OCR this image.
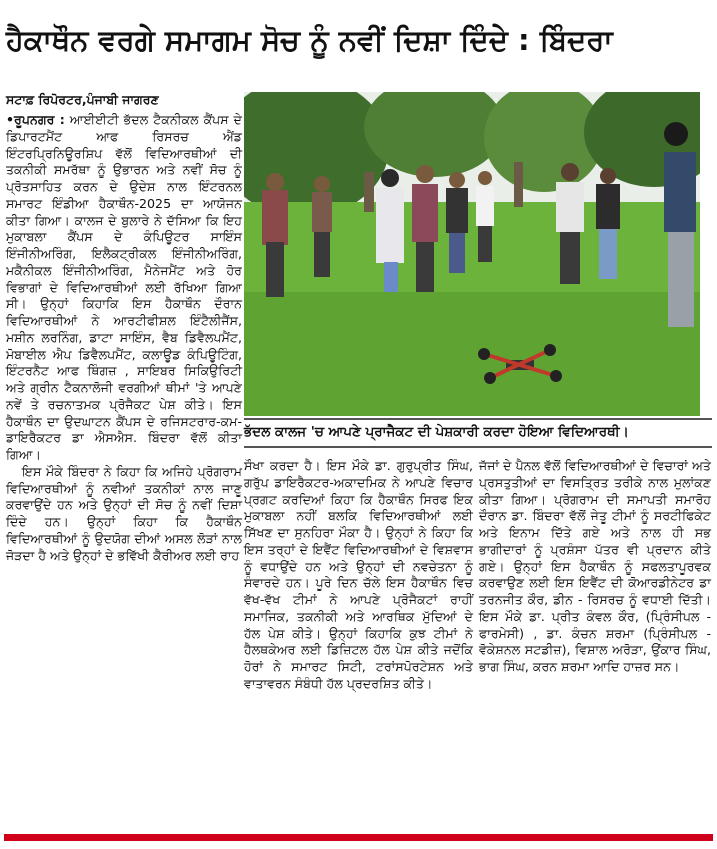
ਹੈਕਾਥੌਨ ਵਰਗੇ ਸਮਾਗਮ ਸੋਚ ਨੂੰ ਨਵੀਂ ਦਿਸ਼ਾ ਦਿੰਦੇ : ਬਿੰਦਰਾ
ਸਟਾਫ਼ ਰਿਪੋਰਟਰ,ਪੰਜਾਬੀ ਜਾਗਰਣ

•ਰੂਪਨਗਰ : ਆਈਈਟੀ ਭੱਦਲ ਟੈਕਨੀਕਲ ਕੈਂਪਸ ਦੇ ਡਿਪਾਰਟਮੈਂਟ ਆਫ ਰਿਸਰਚ ਐਂਡ ਇੰਟਰਪ੍ਰਿਨਿਊਰਸ਼ਿਪ ਵੱਲੋਂ ਵਿਦਿਆਰਥੀਆਂ ਦੀ ਤਕਨੀਕੀ ਸਮਰੱਥਾ ਨੂੰ ਉਭਾਰਨ ਅਤੇ ਨਵੀਂ ਸੋਚ ਨੂੰ ਪ੍ਰੋਤਸਾਹਿਤ ਕਰਨ ਦੇ ਉਦੇਸ਼ ਨਾਲ ਇੰਟਰਨਲ ਸਮਾਰਟ ਇੰਡੀਆ ਹੈਕਾਥੌਨ-2025 ਦਾ ਆਯੋਜਨ ਕੀਤਾ ਗਿਆ। ਕਾਲਜ ਦੇ ਬੁਲਾਰੇ ਨੇ ਦੱਸਿਆ ਕਿ ਇਹ ਮੁਕਾਬਲਾ ਕੈਂਪਸ ਦੇ ਕੰਪਿਊਟਰ ਸਾਇੰਸ ਇੰਜੀਨੀਅਰਿੰਗ, ਇਲੈਕਟ੍ਰੀਕਲ ਇੰਜੀਨੀਅਰਿੰਗ, ਮਕੈਨੀਕਲ ਇੰਜੀਨੀਅਰਿੰਗ, ਮੈਨੇਜਮੈਂਟ ਅਤੇ ਹੋਰ ਵਿਭਾਗਾਂ ਦੇ ਵਿਦਿਆਰਥੀਆਂ ਲਈ ਰੱਖਿਆ ਗਿਆ ਸੀ। ਉਨ੍ਹਾਂ ਕਿਹਾਕਿ ਇਸ ਹੈਕਾਥੌਨ ਦੌਰਾਨ ਵਿਦਿਆਰਥੀਆਂ ਨੇ ਆਰਟੀਫੀਸ਼ਲ ਇੰਟੈਲੀਜੈਂਸ, ਮਸ਼ੀਨ ਲਰਨਿੰਗ, ਡਾਟਾ ਸਾਇੰਸ, ਵੈਬ ਡਿਵੈਲਪਮੈਂਟ, ਮੋਬਾਈਲ ਐਪ ਡਿਵੈਲਪਮੈਂਟ, ਕਲਾਊਡ ਕੰਪਿਊਟਿੰਗ, ਇੰਟਰਨੈਟ ਆਫ ਥਿੰਗਜ਼ , ਸਾਇਬਰ ਸਿਕਿਉਰਿਟੀ ਅਤੇ ਗ੍ਰੀਨ ਟੈਕਨਾਲੋਜੀ ਵਰਗੀਆਂ ਥੀਮਾਂ 'ਤੇ ਆਪਣੇ ਨਵੇਂ ਤੇ ਰਚਨਾਤਮਕ ਪ੍ਰੋਜੈਕਟ ਪੇਸ਼ ਕੀਤੇ। ਇਸ ਹੈਕਾਥੌਨ ਦਾ ਉਦਘਾਟਨ ਕੈਂਪਸ ਦੇ ਰਜਿਸਟਰਾਰ-ਕਮ-ਡਾਇਰੈਕਟਰ ਡਾ ਐਸਐਸ. ਬਿੰਦਰਾ ਵੱਲੋਂ ਕੀਤਾ ਗਿਆ।

ਇਸ ਮੌਕੇ ਬਿੰਦਰਾ ਨੇ ਕਿਹਾ ਕਿ ਅਜਿਹੇ ਪ੍ਰੋਗਰਾਮ ਵਿਦਿਆਰਥੀਆਂ ਨੂੰ ਨਵੀਆਂ ਤਕਨੀਕਾਂ ਨਾਲ ਜਾਣੂ ਕਰਵਾਉਂਦੇ ਹਨ ਅਤੇ ਉਨ੍ਹਾਂ ਦੀ ਸੋਚ ਨੂੰ ਨਵੀਂ ਦਿਸ਼ਾ ਦਿੰਦੇ ਹਨ। ਉਨ੍ਹਾਂ ਕਿਹਾ ਕਿ ਹੈਕਾਥੌਨ ਵਿਦਿਆਰਥੀਆਂ ਨੂੰ ਉਦਯੋਗ ਦੀਆਂ ਅਸਲ ਲੋੜਾਂ ਨਾਲ ਜੋੜਦਾ ਹੈ ਅਤੇ ਉਨ੍ਹਾਂ ਦੇ ਭਵਿੱਖੀ ਕੈਰੀਅਰ ਲਈ ਰਾਹ

ਭੱਦਲ ਕਾਲਜ 'ਚ ਆਪਣੇ ਪ੍ਰਾਜੈਕਟ ਦੀ ਪੇਸ਼ਕਾਰੀ ਕਰਦਾ ਹੋਇਆ ਵਿਦਿਆਰਥੀ।

ਸੌਖਾ ਕਰਦਾ ਹੈ। ਇਸ ਮੌਕੇ ਡਾ. ਗੁਰੁਪ੍ਰੀਤ ਸਿੰਘ, ਗਰੁੱਪ ਡਾਇਰੈਕਟਰ-ਅਕਾਦਮਿਕ ਨੇ ਆਪਣੇ ਵਿਚਾਰ ਪ੍ਰਗਟ ਕਰਦਿਆਂ ਕਿਹਾ ਕਿ ਹੈਕਾਥੌਨ ਸਿਰਫ ਇਕ ਮੁਕਾਬਲਾ ਨਹੀਂ ਬਲਕਿ ਵਿਦਿਆਰਥੀਆਂ ਲਈ ਸਿੱਖਣ ਦਾ ਸੁਨਹਿਰਾ ਮੌਕਾ ਹੈ। ਉਨ੍ਹਾਂ ਨੇ ਕਿਹਾ ਕਿ ਇਸ ਤਰ੍ਹਾਂ ਦੇ ਇਵੈਂਟ ਵਿਦਿਆਰਥੀਆਂ ਦੇ ਵਿਸ਼ਵਾਸ ਨੂੰ ਵਧਾਉਂਦੇ ਹਨ ਅਤੇ ਉਨ੍ਹਾਂ ਦੀ ਨਵਚੇਤਨਾ ਨੂੰ ਸੰਵਾਰਦੇ ਹਨ। ਪੂਰੇ ਦਿਨ ਚੱਲੇ ਇਸ ਹੈਕਾਥੌਨ ਵਿਚ ਵੱਖ-ਵੱਖ ਟੀਮਾਂ ਨੇ ਆਪਣੇ ਪ੍ਰੋਜੈਕਟਾਂ ਰਾਹੀਂ ਸਮਾਜਿਕ, ਤਕਨੀਕੀ ਅਤੇ ਆਰਥਿਕ ਮੁੱਦਿਆਂ ਦੇ ਹੱਲ ਪੇਸ਼ ਕੀਤੇ। ਉਨ੍ਹਾਂ ਕਿਹਾਕਿ ਕੁਝ ਟੀਮਾਂ ਨੇ ਹੈਲਥਕੇਅਰ ਲਈ ਡਿਜ਼ਿਟਲ ਹੱਲ ਪੇਸ਼ ਕੀਤੇ ਜਦੋਂਕਿ ਹੋਰਾਂ ਨੇ ਸਮਾਰਟ ਸਿਟੀ, ਟਰਾਂਸਪੋਰਟੇਸ਼ਨ ਅਤੇ ਵਾਤਾਵਰਨ ਸੰਬੰਧੀ ਹੱਲ ਪ੍ਰਦਰਸ਼ਿਤ ਕੀਤੇ।

ਜੱਜਾਂ ਦੇ ਪੈਨਲ ਵੱਲੋਂ ਵਿਦਿਆਰਥੀਆਂ ਦੇ ਵਿਚਾਰਾਂ ਅਤੇ ਪ੍ਰਸਤੁਤੀਆਂ ਦਾ ਵਿਸਤ੍ਰਿਤ ਤਰੀਕੇ ਨਾਲ ਮੁਲਾਂਕਣ ਕੀਤਾ ਗਿਆ। ਪ੍ਰੋਗਰਾਮ ਦੀ ਸਮਾਪਤੀ ਸਮਾਰੋਹ ਦੌਰਾਨ ਡਾ. ਬਿੰਦਰਾ ਵੱਲੋਂ ਜੇਤੂ ਟੀਮਾਂ ਨੂੰ ਸਰਟੀਫਿਕੇਟ ਅਤੇ ਇਨਾਮ ਦਿੱਤੇ ਗਏ ਅਤੇ ਨਾਲ ਹੀ ਸਭ ਭਾਗੀਦਾਰਾਂ ਨੂੰ ਪ੍ਰਸ਼ੰਸਾ ਪੱਤਰ ਵੀ ਪ੍ਰਦਾਨ ਕੀਤੇ ਗਏ। ਉਨ੍ਹਾਂ ਇਸ ਹੈਕਾਥੌਨ ਨੂੰ ਸਫਲਤਾਪੂਰਵਕ ਕਰਵਾਉਣ ਲਈ ਇਸ ਇਵੈਂਟ ਦੀ ਕੋਆਰਡੀਨੇਟਰ ਡਾ ਤਰਨਜੀਤ ਕੌਰ, ਡੀਨ - ਰਿਸਰਚ ਨੂੰ ਵਧਾਈ ਦਿੱਤੀ। ਇਸ ਮੌਕੇ ਡਾ. ਪ੍ਰੀਤ ਕੰਵਲ ਕੌਰ, (ਪ੍ਰਿੰਸੀਪਲ - ਫਾਰਮੇਸੀ) , ਡਾ. ਕੰਚਨ ਸ਼ਰਮਾ (ਪ੍ਰਿੰਸੀਪਲ - ਵੋਕੇਸ਼ਨਲ ਸਟਡੀਜ਼), ਵਿਸ਼ਾਲ ਅਰੋੜਾ, ਉਂਕਾਰ ਸਿੰਘ, ਭਾਗ ਸਿੰਘ, ਕਰਨ ਸ਼ਰਮਾ ਆਦਿ ਹਾਜ਼ਰ ਸਨ।
